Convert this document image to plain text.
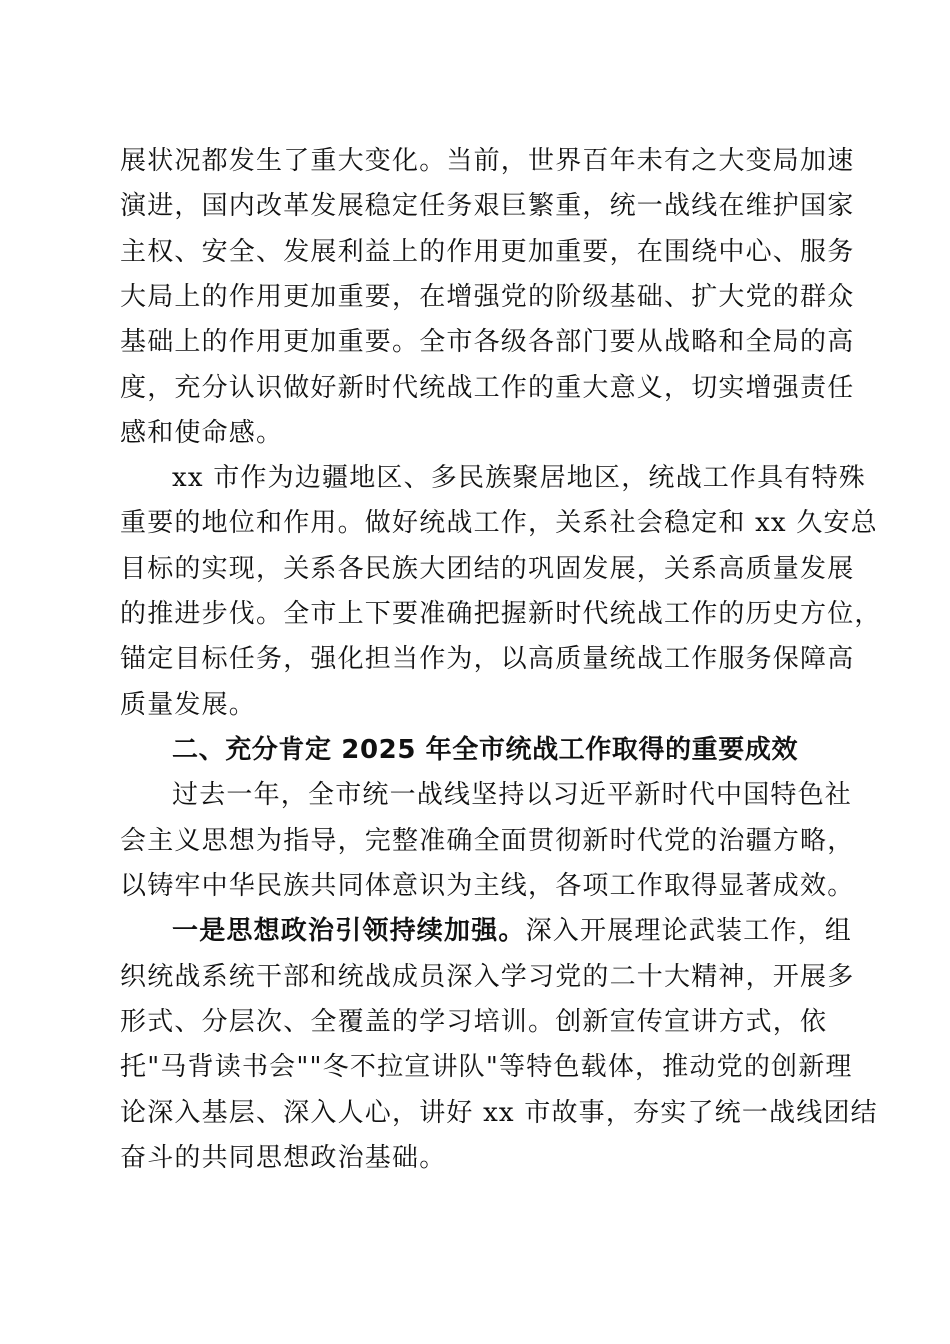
展状况都发生了重大变化。当前，世界百年未有之大变局加速

演进，国内改革发展稳定任务艰巨繁重，统一战线在维护国家

主权、安全、发展利益上的作用更加重要，在围绕中心、服务

大局上的作用更加重要，在增强党的阶级基础、扩大党的群众

基础上的作用更加重要。全市各级各部门要从战略和全局的高

度，充分认识做好新时代统战工作的重大意义，切实增强责任

感和使命感。

xx 市作为边疆地区、多民族聚居地区，统战工作具有特殊

重要的地位和作用。做好统战工作，关系社会稳定和 xx 久安总

目标的实现，关系各民族大团结的巩固发展，关系高质量发展

的推进步伐。全市上下要准确把握新时代统战工作的历史方位，

锚定目标任务，强化担当作为，以高质量统战工作服务保障高

质量发展。

二、充分肯定 2025 年全市统战工作取得的重要成效

过去一年，全市统一战线坚持以习近平新时代中国特色社

会主义思想为指导，完整准确全面贯彻新时代党的治疆方略，

以铸牢中华民族共同体意识为主线，各项工作取得显著成效。

一是思想政治引领持续加强。深入开展理论武装工作，组

织统战系统干部和统战成员深入学习党的二十大精神，开展多

形式、分层次、全覆盖的学习培训。创新宣传宣讲方式，依

托"马背读书会""冬不拉宣讲队"等特色载体，推动党的创新理

论深入基层、深入人心，讲好 xx 市故事，夯实了统一战线团结

奋斗的共同思想政治基础。
